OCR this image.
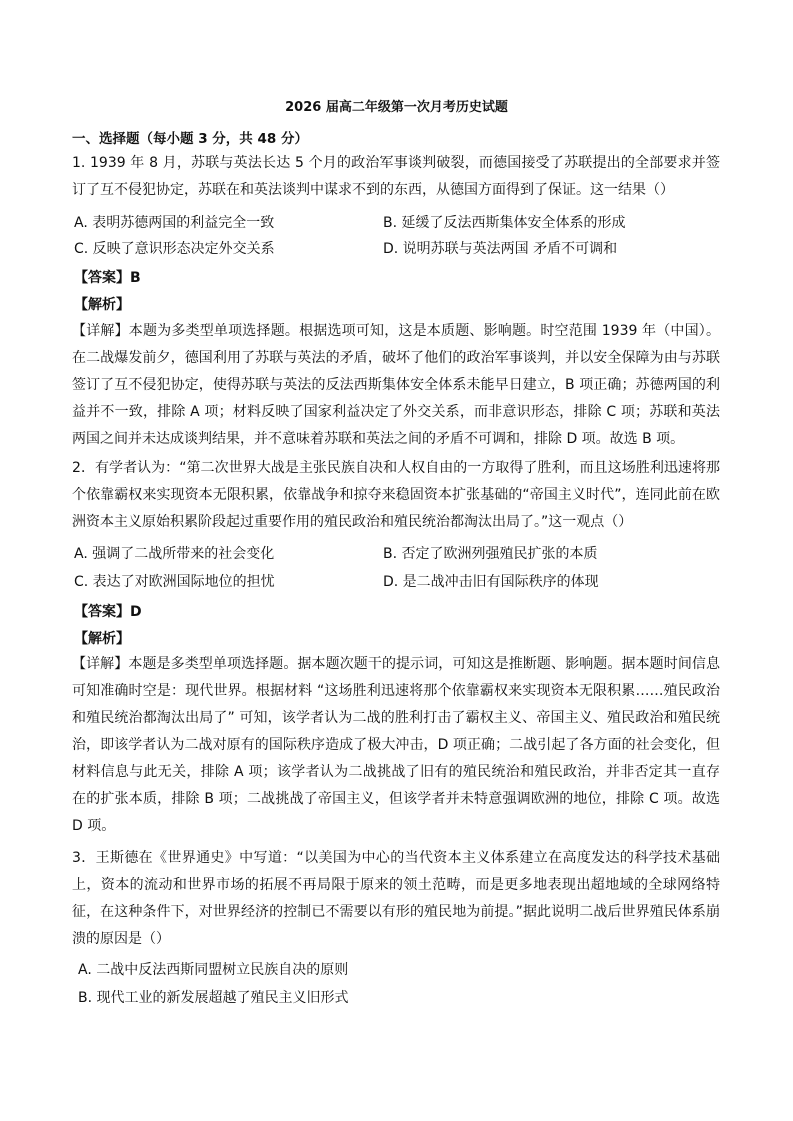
2026 届高二年级第一次月考历史试题
一、选择题（每小题 3 分，共 48 分）

1. 1939 年 8 月，苏联与英法长达 5 个月的政治军事谈判破裂，而德国接受了苏联提出的全部要求并签订了互不侵犯协定，苏联在和英法谈判中谋求不到的东西，从德国方面得到了保证。这一结果（）

A. 表明苏德两国的利益完全一致	B. 延缓了反法西斯集体安全体系的形成
C. 反映了意识形态决定外交关系	D. 说明苏联与英法两国 矛盾不可调和
【答案】B
【解析】

【详解】本题为多类型单项选择题。根据选项可知，这是本质题、影响题。时空范围 1939 年（中国）。在二战爆发前夕，德国利用了苏联与英法的矛盾，破坏了他们的政治军事谈判，并以安全保障为由与苏联签订了互不侵犯协定，使得苏联与英法的反法西斯集体安全体系未能早日建立，B 项正确；苏德两国的利益并不一致，排除 A 项；材料反映了国家利益决定了外交关系，而非意识形态，排除 C 项；苏联和英法两国之间并未达成谈判结果，并不意味着苏联和英法之间的矛盾不可调和，排除 D 项。故选 B 项。

2．有学者认为：“第二次世界大战是主张民族自决和人权自由的一方取得了胜利，而且这场胜利迅速将那个依靠霸权来实现资本无限积累，依靠战争和掠夺来稳固资本扩张基础的“帝国主义时代”，连同此前在欧洲资本主义原始积累阶段起过重要作用的殖民政治和殖民统治都淘汰出局了。”这一观点（）

A. 强调了二战所带来的社会变化	B. 否定了欧洲列强殖民扩张的本质
C. 表达了对欧洲国际地位的担忧	D. 是二战冲击旧有国际秩序的体现
【答案】D
【解析】

【详解】本题是多类型单项选择题。据本题次题干的提示词，可知这是推断题、影响题。据本题时间信息可知准确时空是：现代世界。根据材料 “这场胜利迅速将那个依靠霸权来实现资本无限积累……殖民政治和殖民统治都淘汰出局了” 可知，该学者认为二战的胜利打击了霸权主义、帝国主义、殖民政治和殖民统治，即该学者认为二战对原有的国际秩序造成了极大冲击，D 项正确；二战引起了各方面的社会变化，但材料信息与此无关，排除 A 项；该学者认为二战挑战了旧有的殖民统治和殖民政治，并非否定其一直存在的扩张本质，排除 B 项；二战挑战了帝国主义，但该学者并未特意强调欧洲的地位，排除 C 项。故选 D 项。

3．王斯德在《世界通史》中写道：“以美国为中心的当代资本主义体系建立在高度发达的科学技术基础上，资本的流动和世界市场的拓展不再局限于原来的领土范畴，而是更多地表现出超地域的全球网络特征，在这种条件下，对世界经济的控制已不需要以有形的殖民地为前提。”据此说明二战后世界殖民体系崩溃的原因是（）

A. 二战中反法西斯同盟树立民族自决的原则
B. 现代工业的新发展超越了殖民主义旧形式
